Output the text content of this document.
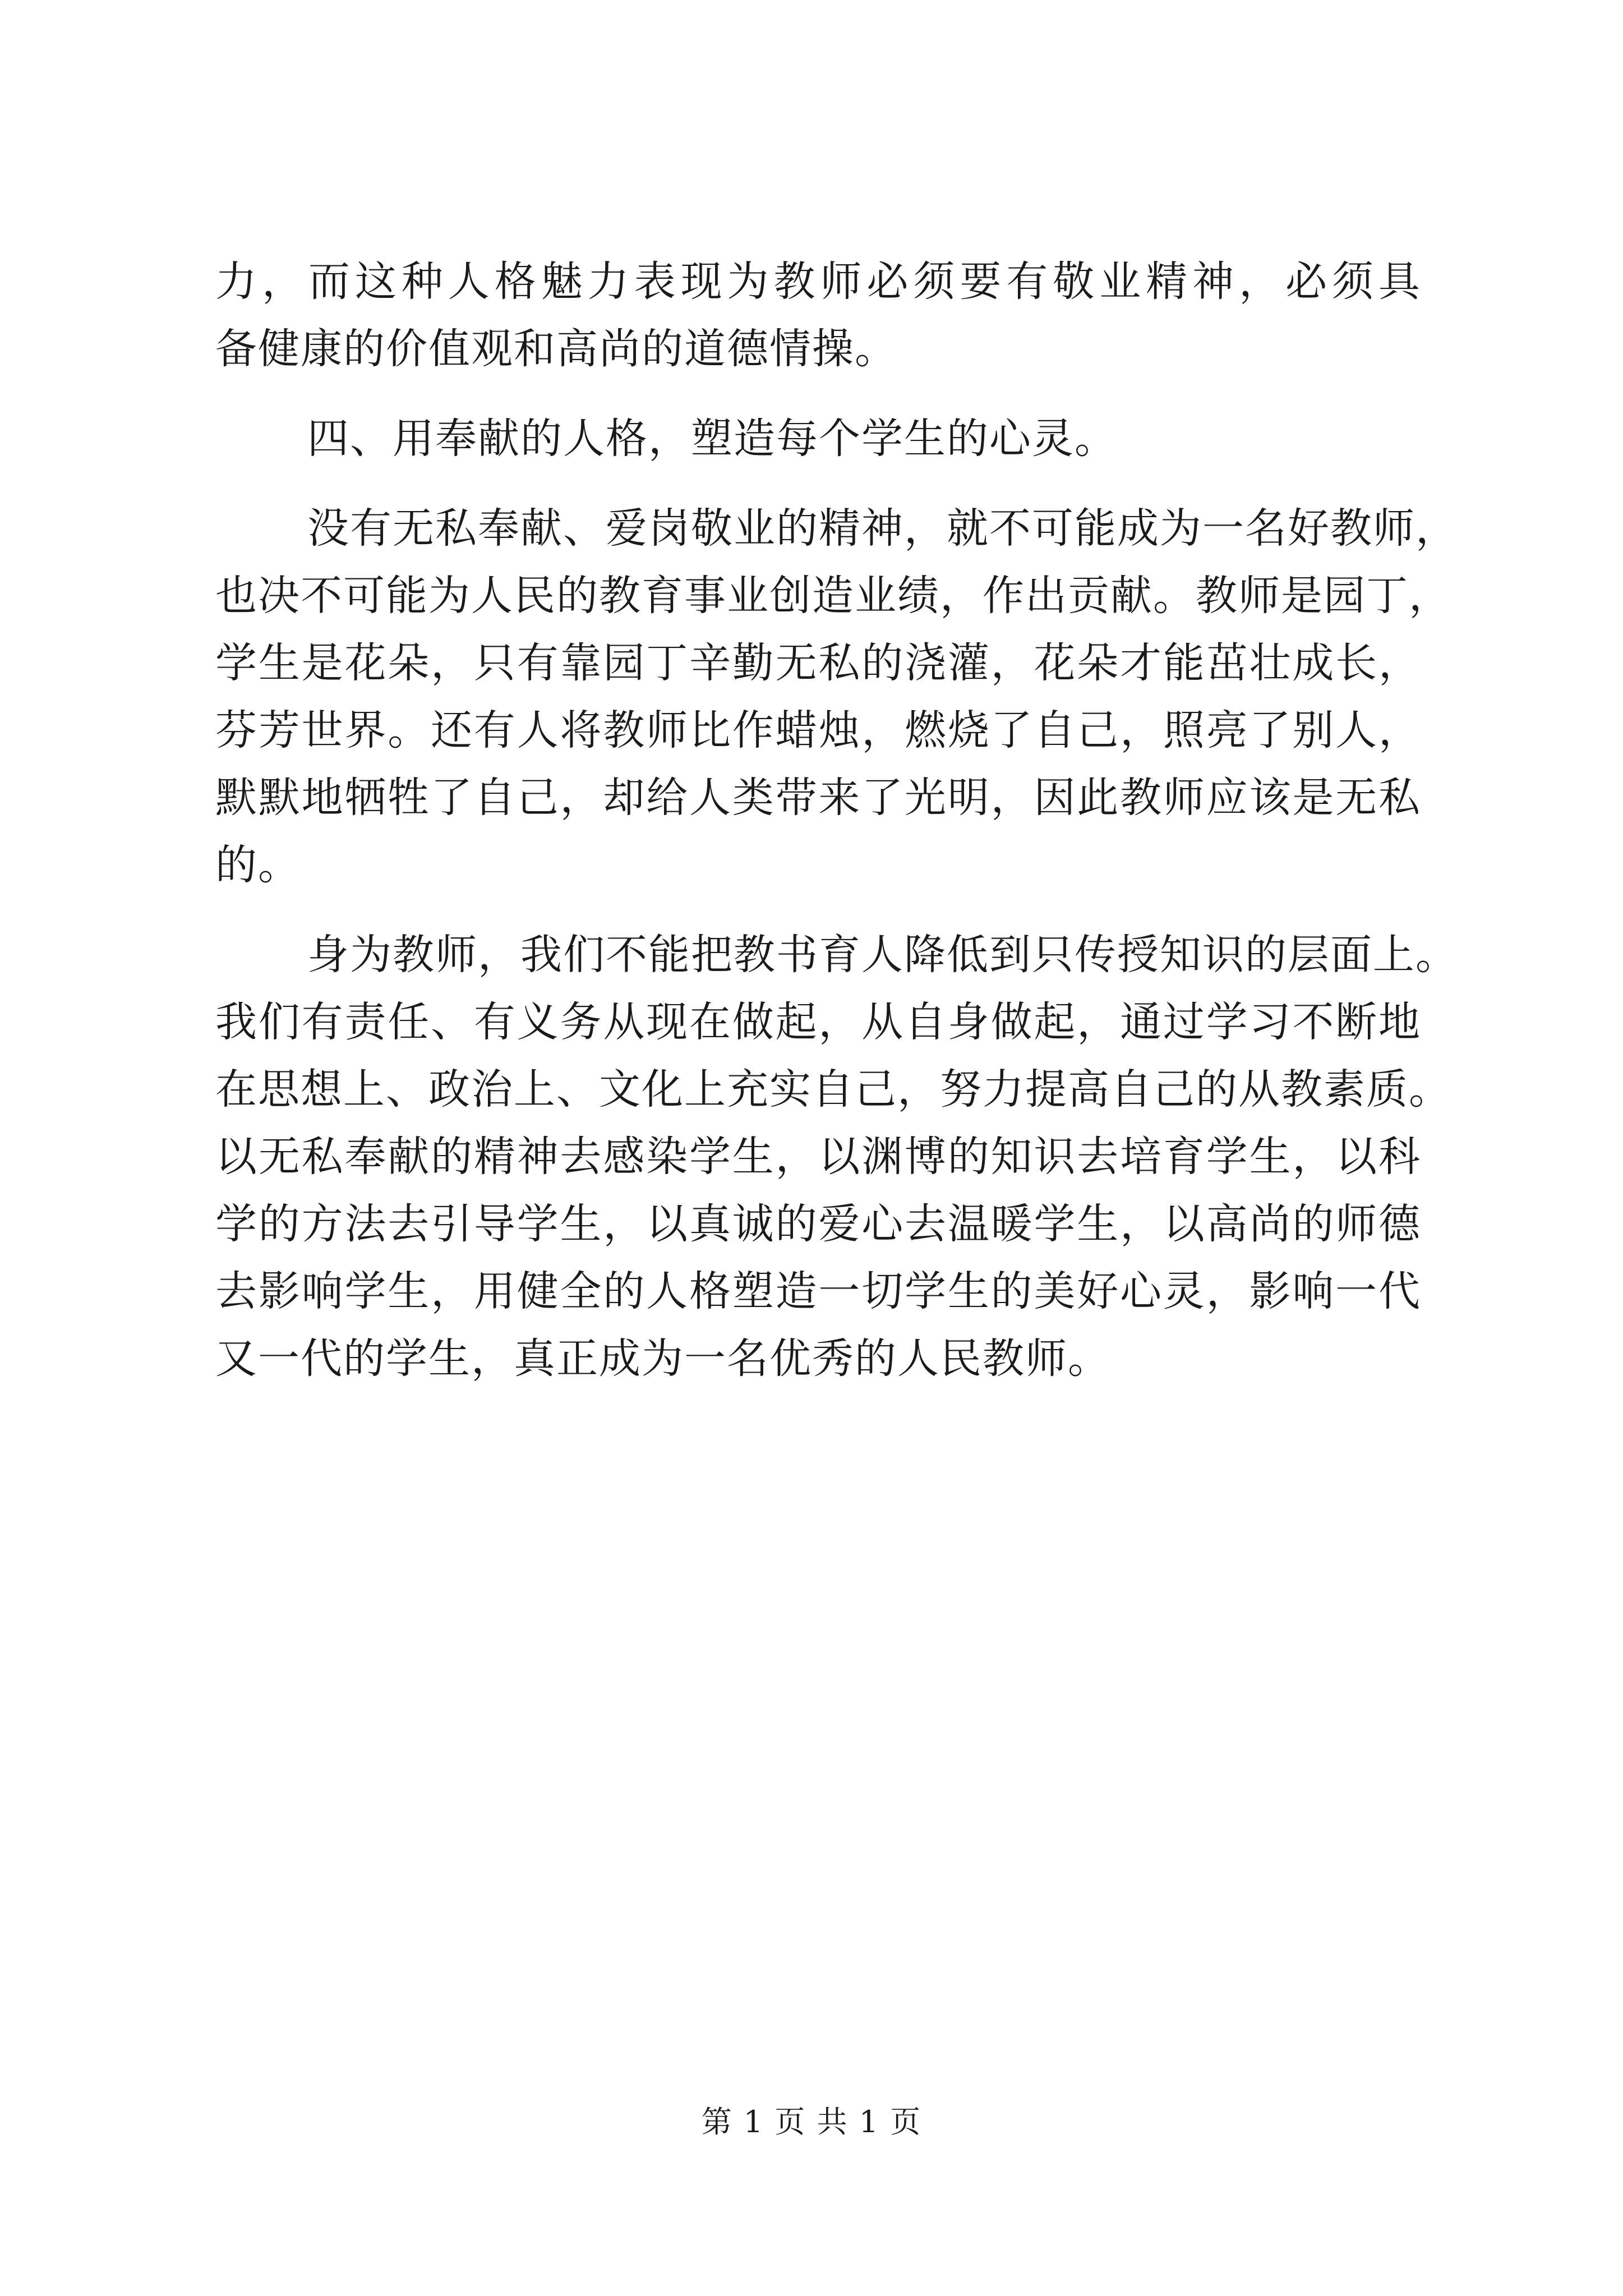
力，而这种人格魅力表现为教师必须要有敬业精神，必须具
备健康的价值观和高尚的道德情操。

四、用奉献的人格，塑造每个学生的心灵。

没有无私奉献、爱岗敬业的精神，就不可能成为一名好教师，
也决不可能为人民的教育事业创造业绩，作出贡献。教师是园丁，
学生是花朵，只有靠园丁辛勤无私的浇灌，花朵才能茁壮成长，
芬芳世界。还有人将教师比作蜡烛，燃烧了自己，照亮了别人，
默默地牺牲了自己，却给人类带来了光明，因此教师应该是无私
的。

身为教师，我们不能把教书育人降低到只传授知识的层面上。
我们有责任、有义务从现在做起，从自身做起，通过学习不断地
在思想上、政治上、文化上充实自己，努力提高自己的从教素质。
以无私奉献的精神去感染学生，以渊博的知识去培育学生，以科
学的方法去引导学生，以真诚的爱心去温暖学生，以高尚的师德
去影响学生，用健全的人格塑造一切学生的美好心灵，影响一代
又一代的学生，真正成为一名优秀的人民教师。

第 1 页 共 1 页
